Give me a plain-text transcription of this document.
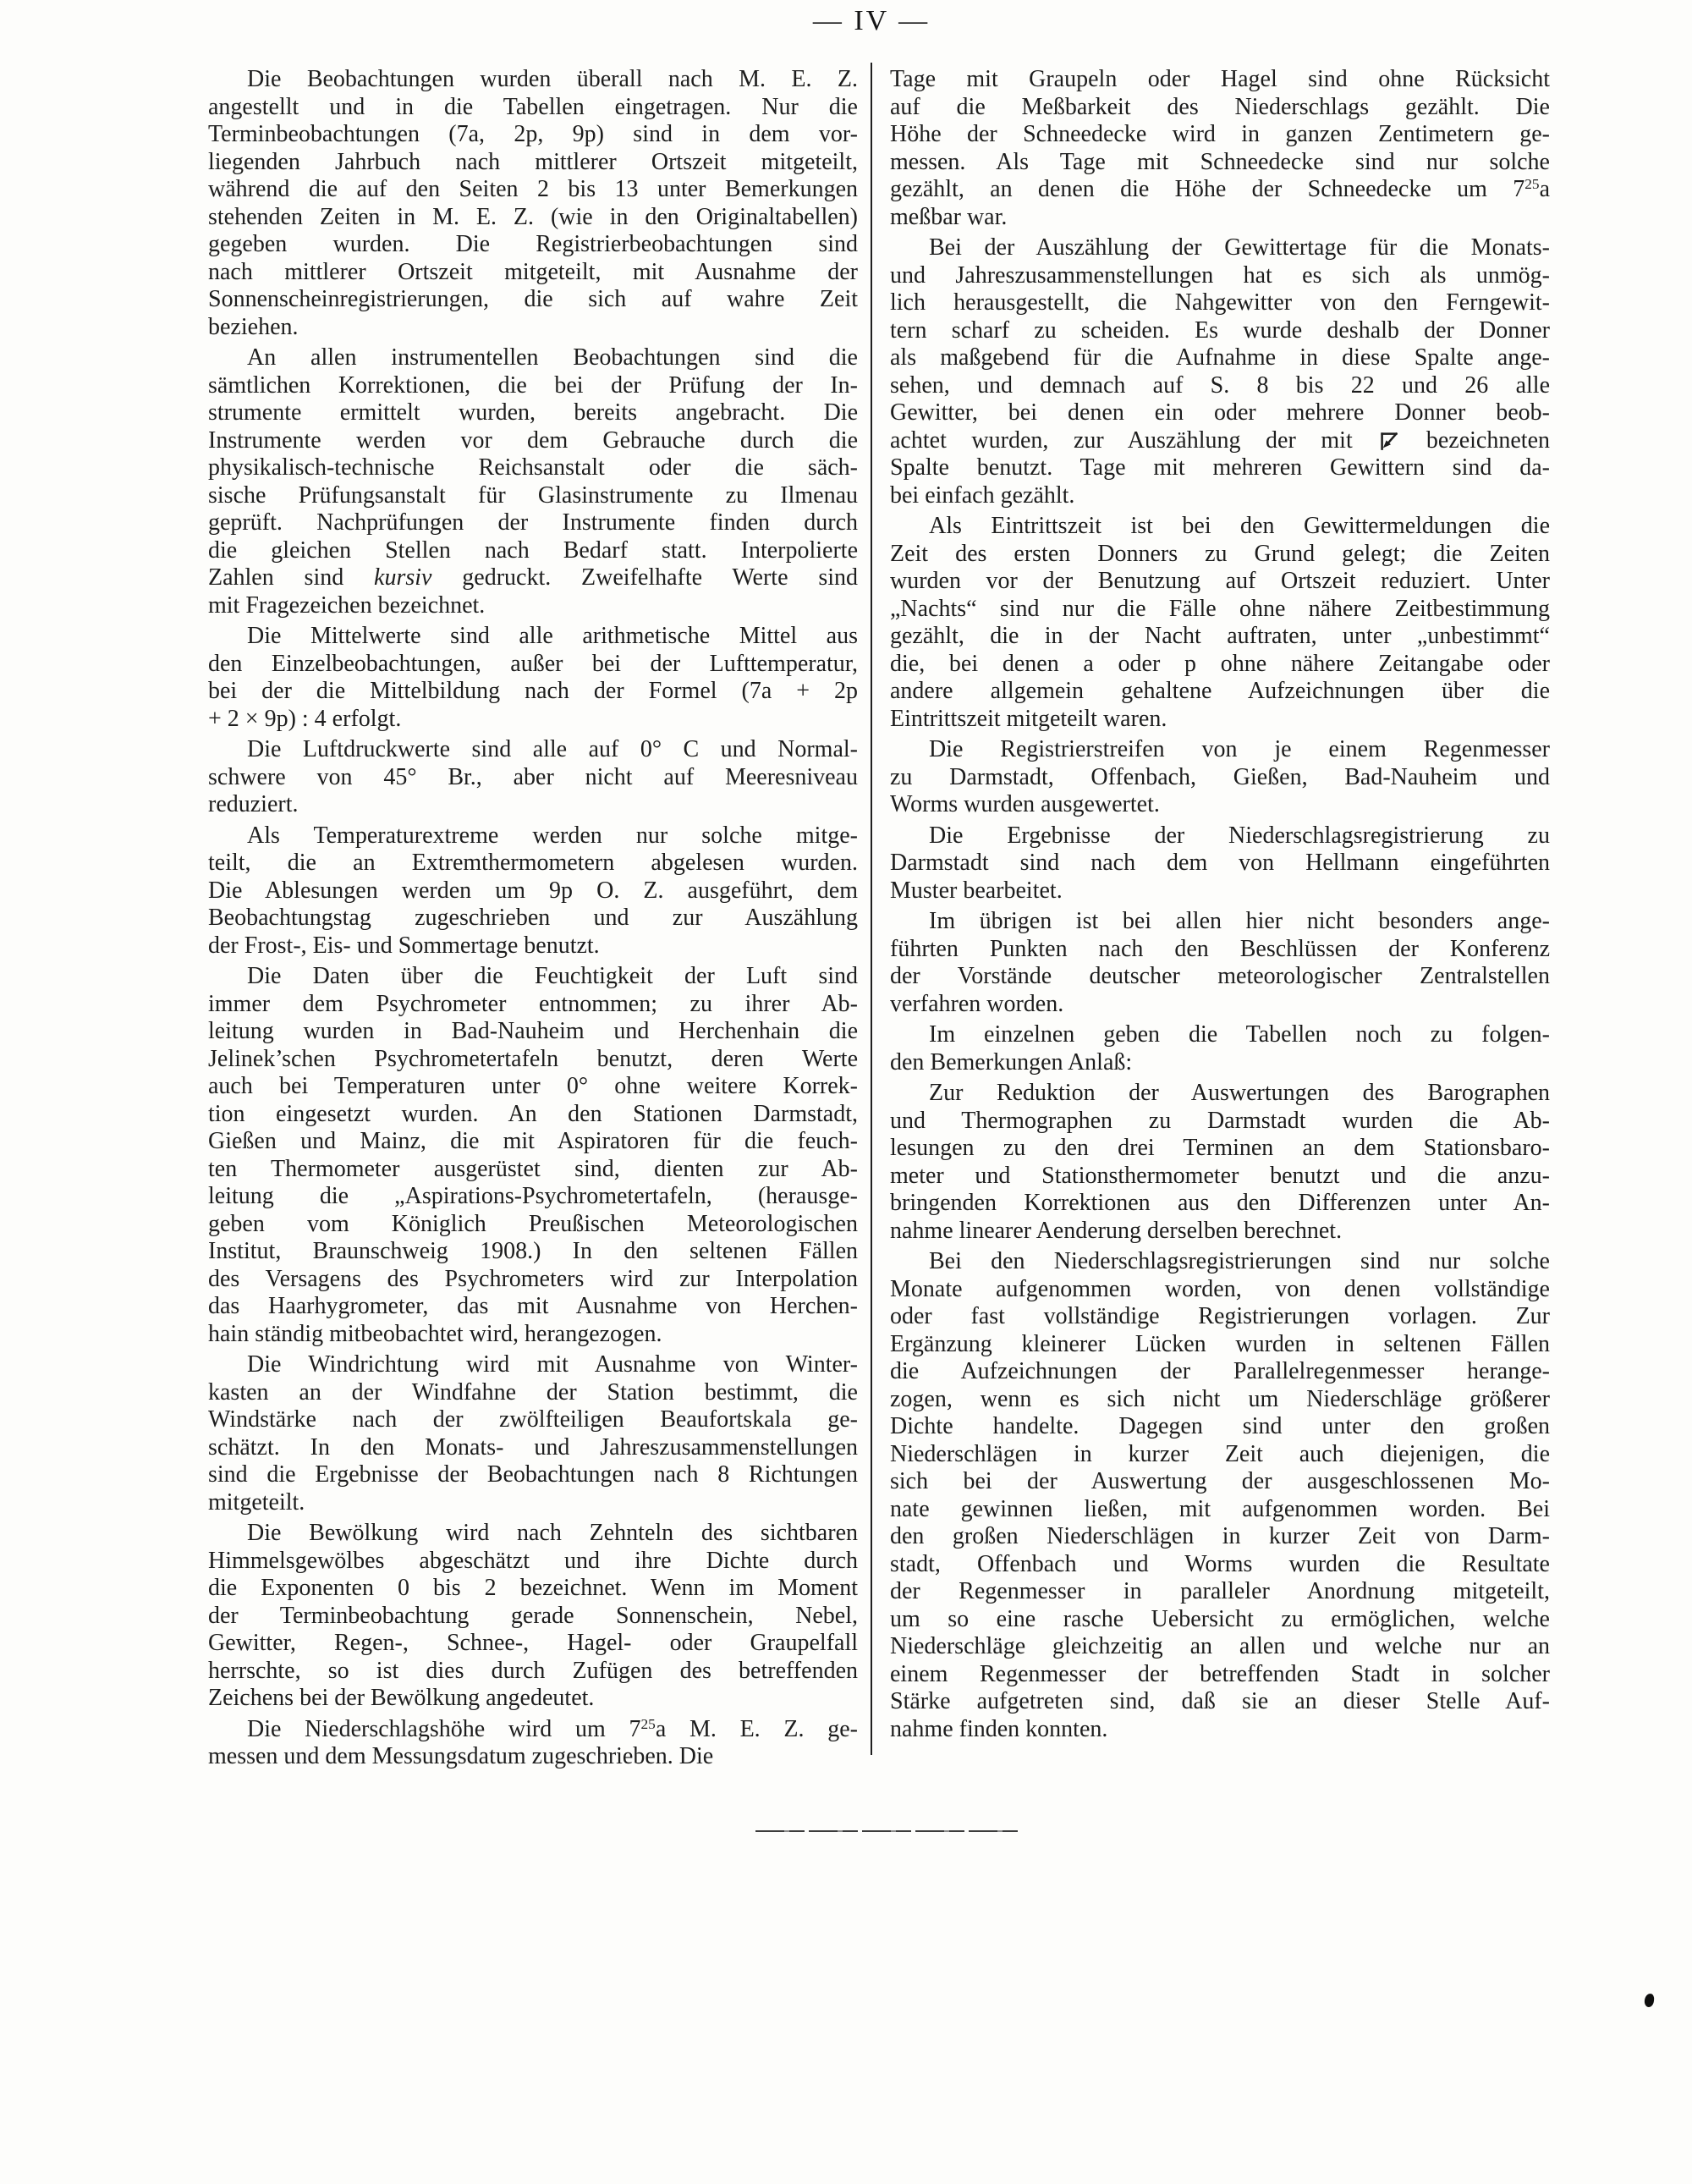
— IV —
Die Beobachtungen wurden überall nach M. E. Z.
angestellt und in die Tabellen eingetragen. Nur die
Terminbeobachtungen (7a, 2p, 9p) sind in dem vor-
liegenden Jahrbuch nach mittlerer Ortszeit mitgeteilt,
während die auf den Seiten 2 bis 13 unter Bemerkungen
stehenden Zeiten in M. E. Z. (wie in den Originaltabellen)
gegeben wurden. Die Registrierbeobachtungen sind
nach mittlerer Ortszeit mitgeteilt, mit Ausnahme der
Sonnenscheinregistrierungen, die sich auf wahre Zeit
beziehen.
An allen instrumentellen Beobachtungen sind die
sämtlichen Korrektionen, die bei der Prüfung der In-
strumente ermittelt wurden, bereits angebracht. Die
Instrumente werden vor dem Gebrauche durch die
physikalisch-technische Reichsanstalt oder die säch-
sische Prüfungsanstalt für Glasinstrumente zu Ilmenau
geprüft. Nachprüfungen der Instrumente finden durch
die gleichen Stellen nach Bedarf statt. Interpolierte
Zahlen sind kursiv gedruckt. Zweifelhafte Werte sind
mit Fragezeichen bezeichnet.
Die Mittelwerte sind alle arithmetische Mittel aus
den Einzelbeobachtungen, außer bei der Lufttemperatur,
bei der die Mittelbildung nach der Formel (7a + 2p
+ 2 × 9p) : 4 erfolgt.
Die Luftdruckwerte sind alle auf 0° C und Normal-
schwere von 45° Br., aber nicht auf Meeresniveau
reduziert.
Als Temperaturextreme werden nur solche mitge-
teilt, die an Extremthermometern abgelesen wurden.
Die Ablesungen werden um 9p O. Z. ausgeführt, dem
Beobachtungstag zugeschrieben und zur Auszählung
der Frost-, Eis- und Sommertage benutzt.
Die Daten über die Feuchtigkeit der Luft sind
immer dem Psychrometer entnommen; zu ihrer Ab-
leitung wurden in Bad-Nauheim und Herchenhain die
Jelinek’schen Psychrometertafeln benutzt, deren Werte
auch bei Temperaturen unter 0° ohne weitere Korrek-
tion eingesetzt wurden. An den Stationen Darmstadt,
Gießen und Mainz, die mit Aspiratoren für die feuch-
ten Thermometer ausgerüstet sind, dienten zur Ab-
leitung die „Aspirations-Psychrometertafeln, (herausge-
geben vom Königlich Preußischen Meteorologischen
Institut, Braunschweig 1908.) In den seltenen Fällen
des Versagens des Psychrometers wird zur Interpolation
das Haarhygrometer, das mit Ausnahme von Herchen-
hain ständig mitbeobachtet wird, herangezogen.
Die Windrichtung wird mit Ausnahme von Winter-
kasten an der Windfahne der Station bestimmt, die
Windstärke nach der zwölfteiligen Beaufortskala ge-
schätzt. In den Monats- und Jahreszusammenstellungen
sind die Ergebnisse der Beobachtungen nach 8 Richtungen
mitgeteilt.
Die Bewölkung wird nach Zehnteln des sichtbaren
Himmelsgewölbes abgeschätzt und ihre Dichte durch
die Exponenten 0 bis 2 bezeichnet. Wenn im Moment
der Terminbeobachtung gerade Sonnenschein, Nebel,
Gewitter, Regen-, Schnee-, Hagel- oder Graupelfall
herrschte, so ist dies durch Zufügen des betreffenden
Zeichens bei der Bewölkung angedeutet.
Die Niederschlagshöhe wird um $7^{25}a$ M. E. Z. ge-
messen und dem Messungsdatum zugeschrieben. Die
Tage mit Graupeln oder Hagel sind ohne Rücksicht
auf die Meßbarkeit des Niederschlags gezählt. Die
Höhe der Schneedecke wird in ganzen Zentimetern ge-
messen. Als Tage mit Schneedecke sind nur solche
gezählt, an denen die Höhe der Schneedecke um $7^{25}a$
meßbar war.
Bei der Auszählung der Gewittertage für die Monats-
und Jahreszusammenstellungen hat es sich als unmög-
lich herausgestellt, die Nahgewitter von den Ferngewit-
tern scharf zu scheiden. Es wurde deshalb der Donner
als maßgebend für die Aufnahme in diese Spalte ange-
sehen, und demnach auf S. 8 bis 22 und 26 alle
Gewitter, bei denen ein oder mehrere Donner beob-
achtet wurden, zur Auszählung der mit
bezeichneten
Spalte benutzt. Tage mit mehreren Gewittern sind da-
bei einfach gezählt.
Als Eintrittszeit ist bei den Gewittermeldungen die
Zeit des ersten Donners zu Grund gelegt; die Zeiten
wurden vor der Benutzung auf Ortszeit reduziert. Unter
„Nachts“ sind nur die Fälle ohne nähere Zeitbestimmung
gezählt, die in der Nacht auftraten, unter „unbestimmt“
die, bei denen a oder p ohne nähere Zeitangabe oder
andere allgemein gehaltene Aufzeichnungen über die
Eintrittszeit mitgeteilt waren.
Die Registrierstreifen von je einem Regenmesser
zu Darmstadt, Offenbach, Gießen, Bad-Nauheim und
Worms wurden ausgewertet.
Die Ergebnisse der Niederschlagsregistrierung zu
Darmstadt sind nach dem von Hellmann eingeführten
Muster bearbeitet.
Im übrigen ist bei allen hier nicht besonders ange-
führten Punkten nach den Beschlüssen der Konferenz
der Vorstände deutscher meteorologischer Zentralstellen
verfahren worden.
Im einzelnen geben die Tabellen noch zu folgen-
den Bemerkungen Anlaß:
Zur Reduktion der Auswertungen des Barographen
und Thermographen zu Darmstadt wurden die Ab-
lesungen zu den drei Terminen an dem Stationsbaro-
meter und Stationsthermometer benutzt und die anzu-
bringenden Korrektionen aus den Differenzen unter An-
nahme linearer Aenderung derselben berechnet.
Bei den Niederschlagsregistrierungen sind nur solche
Monate aufgenommen worden, von denen vollständige
oder fast vollständige Registrierungen vorlagen. Zur
Ergänzung kleinerer Lücken wurden in seltenen Fällen
die Aufzeichnungen der Parallelregenmesser herange-
zogen, wenn es sich nicht um Niederschläge größerer
Dichte handelte. Dagegen sind unter den großen
Niederschlägen in kurzer Zeit auch diejenigen, die
sich bei der Auswertung der ausgeschlossenen Mo-
nate gewinnen ließen, mit aufgenommen worden. Bei
den großen Niederschlägen in kurzer Zeit von Darm-
stadt, Offenbach und Worms wurden die Resultate
der Regenmesser in paralleler Anordnung mitgeteilt,
um so eine rasche Uebersicht zu ermöglichen, welche
Niederschläge gleichzeitig an allen und welche nur an
einem Regenmesser der betreffenden Stadt in solcher
Stärke aufgetreten sind, daß sie an dieser Stelle Auf-
nahme finden konnten.
